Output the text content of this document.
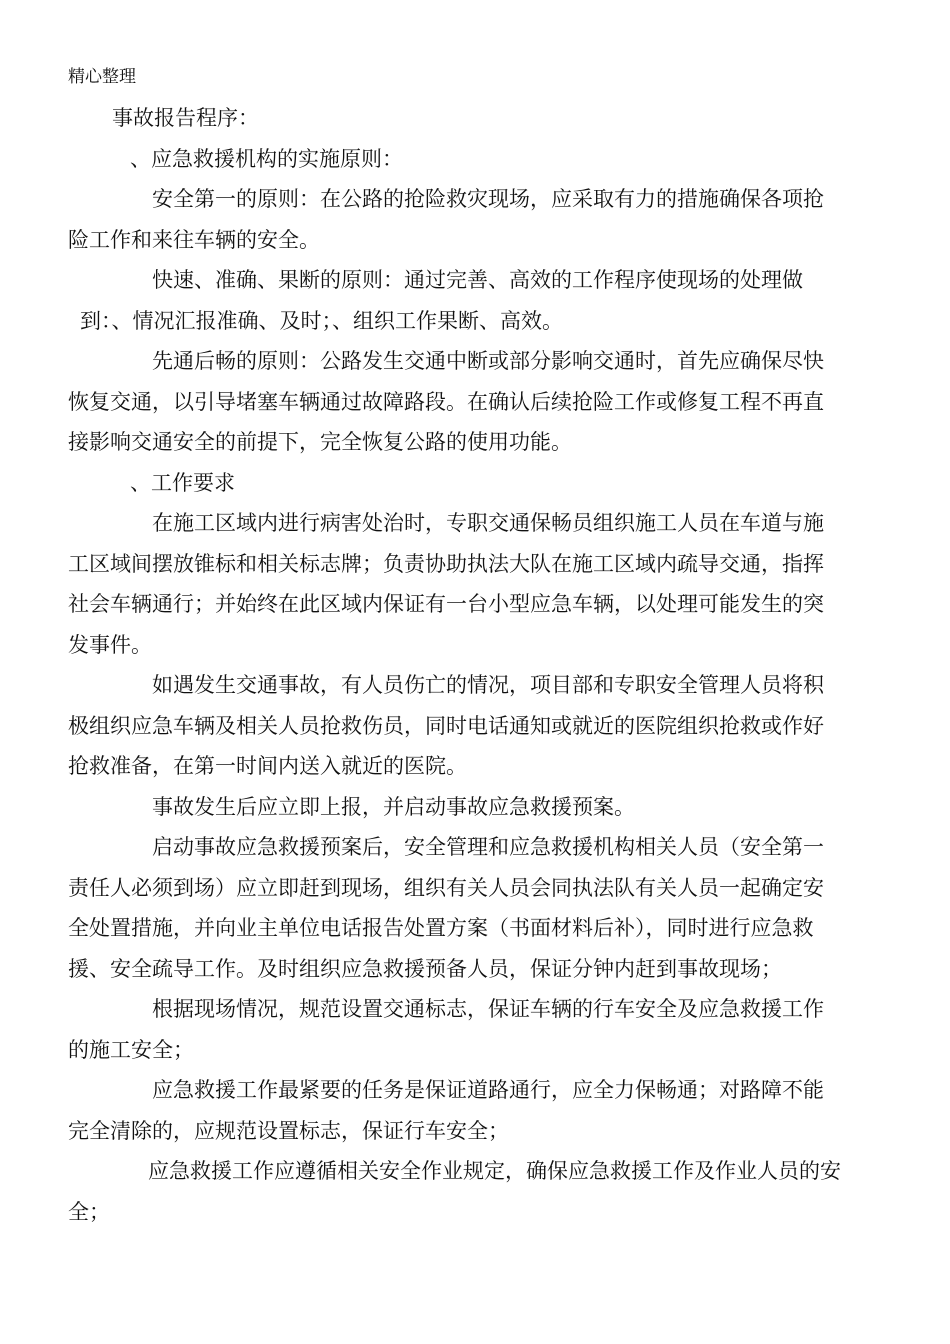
精心整理

事故报告程序：

、应急救援机构的实施原则：

安全第一的原则：在公路的抢险救灾现场，应采取有力的措施确保各项抢
险工作和来往车辆的安全。

快速、准确、果断的原则：通过完善、高效的工作程序使现场的处理做
到：、情况汇报准确、及时；、组织工作果断、高效。

先通后畅的原则：公路发生交通中断或部分影响交通时，首先应确保尽快
恢复交通，以引导堵塞车辆通过故障路段。在确认后续抢险工作或修复工程不再直
接影响交通安全的前提下，完全恢复公路的使用功能。

、工作要求

在施工区域内进行病害处治时，专职交通保畅员组织施工人员在车道与施
工区域间摆放锥标和相关标志牌；负责协助执法大队在施工区域内疏导交通，指挥
社会车辆通行；并始终在此区域内保证有一台小型应急车辆，以处理可能发生的突
发事件。

如遇发生交通事故，有人员伤亡的情况，项目部和专职安全管理人员将积
极组织应急车辆及相关人员抢救伤员，同时电话通知或就近的医院组织抢救或作好
抢救准备，在第一时间内送入就近的医院。

事故发生后应立即上报，并启动事故应急救援预案。

启动事故应急救援预案后，安全管理和应急救援机构相关人员（安全第一
责任人必须到场）应立即赶到现场，组织有关人员会同执法队有关人员一起确定安
全处置措施，并向业主单位电话报告处置方案（书面材料后补），同时进行应急救
援、安全疏导工作。及时组织应急救援预备人员，保证分钟内赶到事故现场；

根据现场情况，规范设置交通标志，保证车辆的行车安全及应急救援工作
的施工安全；

应急救援工作最紧要的任务是保证道路通行，应全力保畅通；对路障不能
完全清除的，应规范设置标志，保证行车安全；

应急救援工作应遵循相关安全作业规定，确保应急救援工作及作业人员的安
全；
